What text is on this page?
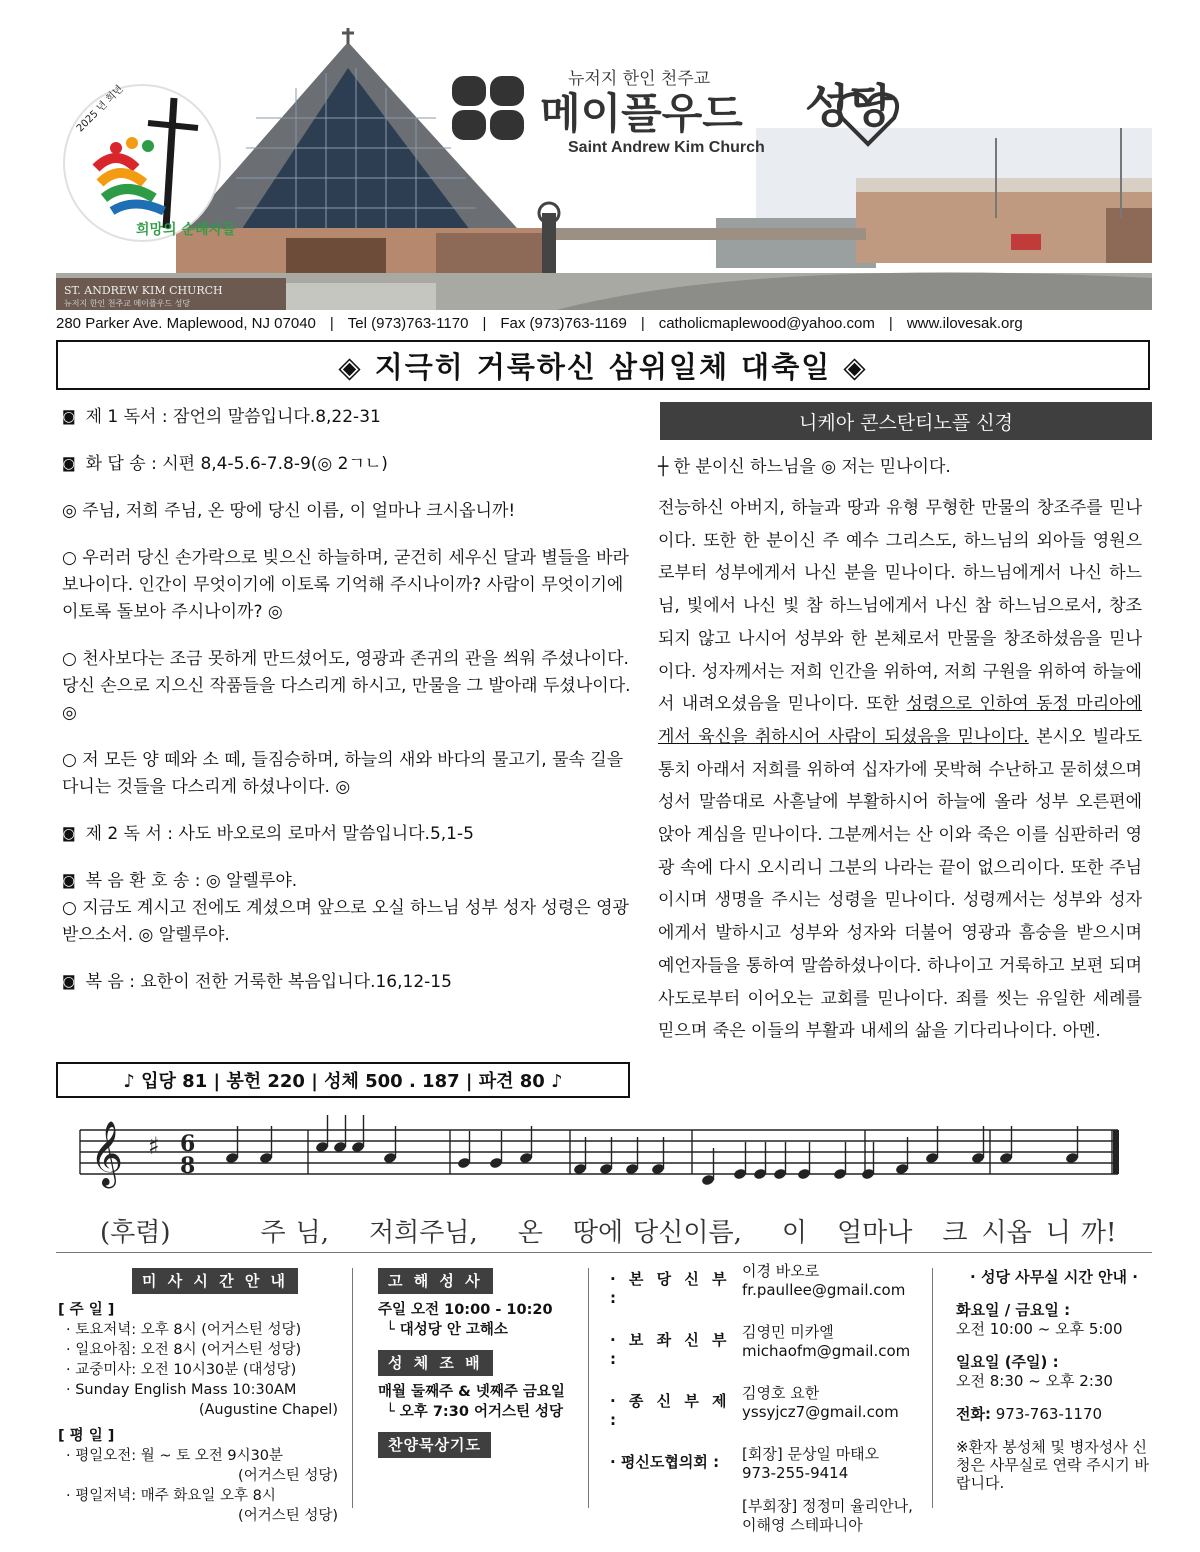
ST. ANDREW KIM CHURCH
뉴저지 한인 천주교 메이플우드 성당
2025 년 희년
희망의 순례자들
뉴저지 한인 천주교
메이플우드 성당
Saint Andrew Kim Church
280 Parker Ave. Maplewood, NJ 07040 | Tel (973)763-1170 | Fax (973)763-1169 | catholicmaplewood@yahoo.com | www.ilovesak.org
◈ 지극히 거룩하신 삼위일체 대축일 ◈
◙ 제 1 독서 : 잠언의 말씀입니다.8,22-31
◙ 화 답 송 : 시편 8,4-5.6-7.8-9(◎ 2ㄱㄴ)
◎ 주님, 저희 주님, 온 땅에 당신 이름, 이 얼마나 크시옵니까!
○ 우러러 당신 손가락으로 빚으신 하늘하며, 굳건히 세우신 달과 별들을 바라보나이다. 인간이 무엇이기에 이토록 기억해 주시나이까? 사람이 무엇이기에 이토록 돌보아 주시나이까? ◎
○ 천사보다는 조금 못하게 만드셨어도, 영광과 존귀의 관을 씌워 주셨나이다. 당신 손으로 지으신 작품들을 다스리게 하시고, 만물을 그 발아래 두셨나이다. ◎
○ 저 모든 양 떼와 소 떼, 들짐승하며, 하늘의 새와 바다의 물고기, 물속 길을 다니는 것들을 다스리게 하셨나이다. ◎
◙ 제 2 독 서 : 사도 바오로의 로마서 말씀입니다.5,1-5
◙ 복 음 환 호 송 : ◎ 알렐루야.
○ 지금도 계시고 전에도 계셨으며 앞으로 오실 하느님 성부 성자 성령은 영광받으소서. ◎ 알렐루야.
◙ 복 음 : 요한이 전한 거룩한 복음입니다.16,12-15
♪ 입당 81 | 봉헌 220 | 성체 500 . 187 | 파견 80 ♪
니케아 콘스탄티노플 신경
┼ 한 분이신 하느님을 ◎ 저는 믿나이다.
전능하신 아버지, 하늘과 땅과 유형 무형한 만물의 창조주를 믿나이다. 또한 한 분이신 주 예수 그리스도, 하느님의 외아들 영원으로부터 성부에게서 나신 분을 믿나이다. 하느님에게서 나신 하느님, 빛에서 나신 빛 참 하느님에게서 나신 참 하느님으로서, 창조되지 않고 나시어 성부와 한 본체로서 만물을 창조하셨음을 믿나이다. 성자께서는 저희 인간을 위하여, 저희 구원을 위하여 하늘에서 내려오셨음을 믿나이다. 또한 성령으로 인하여 동정 마리아에게서 육신을 취하시어 사람이 되셨음을 믿나이다. 본시오 빌라도 통치 아래서 저희를 위하여 십자가에 못박혀 수난하고 묻히셨으며 성서 말씀대로 사흗날에 부활하시어 하늘에 올라 성부 오른편에 앉아 계심을 믿나이다. 그분께서는 산 이와 죽은 이를 심판하러 영광 속에 다시 오시리니 그분의 나라는 끝이 없으리이다. 또한 주님이시며 생명을 주시는 성령을 믿나이다. 성령께서는 성부와 성자에게서 발하시고 성부와 성자와 더불어 영광과 흠숭을 받으시며 예언자들을 통하여 말씀하셨나이다. 하나이고 거룩하고 보편 되며 사도로부터 이어오는 교회를 믿나이다. 죄를 씻는 유일한 세례를 믿으며 죽은 이들의 부활과 내세의 삶을 기다리나이다. 아멘.
𝄞 ♯ 6
8
(후렴)	주 님, 저희주님, 온 땅에 당신이름, 이 얼마나 크 시옵 니 까!
미 사 시 간 안 내
[ 주 일 ]
· 토요저녁: 오후 8시 (어거스틴 성당)
· 일요아침: 오전 8시 (어거스틴 성당)
· 교중미사: 오전 10시30분 (대성당)
· Sunday English Mass 10:30AM
(Augustine Chapel)
[ 평 일 ]
· 평일오전: 월 ~ 토 오전 9시30분
(어거스틴 성당)
· 평일저녁: 매주 화요일 오후 8시
(어거스틴 성당)
고 해 성 사
주일 오전 10:00 - 10:20
└ 대성당 안 고해소
성 체 조 배
매월 둘째주 & 넷째주 금요일
└ 오후 7:30 어거스틴 성당
찬양묵상기도
· 본 당 신 부 :
이경 바오로
fr.paullee@gmail.com
· 보 좌 신 부 :
김영민 미카엘
michaofm@gmail.com
· 종 신 부 제 :
김영호 요한
yssyjcz7@gmail.com
· 평신도협의회 :	[회장] 문상일 마태오
973-255-9414
[부회장] 정정미 율리안나,
이해영 스테파니아
· 성당 사무실 시간 안내 ·
화요일 / 금요일 :
오전 10:00 ~ 오후 5:00
일요일 (주일) :
오전 8:30 ~ 오후 2:30
전화: 973-763-1170
※환자 봉성체 및 병자성사 신청은 사무실로 연락 주시기 바랍니다.
